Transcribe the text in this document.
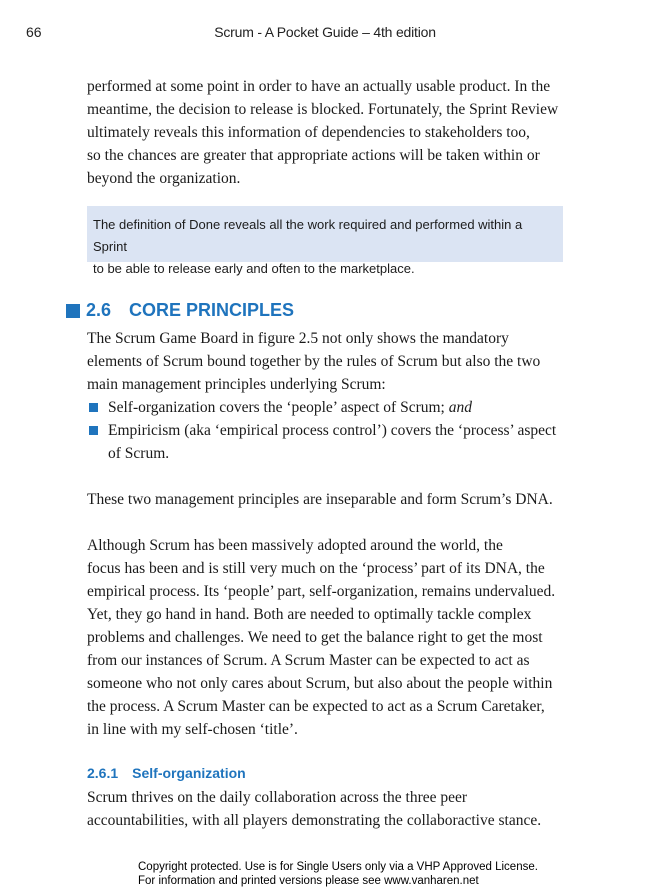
66	Scrum - A Pocket Guide – 4th edition

performed at some point in order to have an actually usable product. In the
meantime, the decision to release is blocked. Fortunately, the Sprint Review
ultimately reveals this information of dependencies to stakeholders too,
so the chances are greater that appropriate actions will be taken within or
beyond the organization.

The definition of Done reveals all the work required and performed within a Sprint
to be able to release early and often to the marketplace.
2.6 CORE PRINCIPLES

The Scrum Game Board in figure 2.5 not only shows the mandatory
elements of Scrum bound together by the rules of Scrum but also the two
main management principles underlying Scrum:

Self-organization covers the ‘people’ aspect of Scrum; and
Empiricism (aka ‘empirical process control’) covers the ‘process’ aspect of Scrum.

These two management principles are inseparable and form Scrum’s DNA.

Although Scrum has been massively adopted around the world, the
focus has been and is still very much on the ‘process’ part of its DNA, the
empirical process. Its ‘people’ part, self-organization, remains undervalued.
Yet, they go hand in hand. Both are needed to optimally tackle complex
problems and challenges. We need to get the balance right to get the most
from our instances of Scrum. A Scrum Master can be expected to act as
someone who not only cares about Scrum, but also about the people within
the process. A Scrum Master can be expected to act as a Scrum Caretaker,
in line with my self-chosen ‘title’.

2.6.1 Self-organization

Scrum thrives on the daily collaboration across the three peer
accountabilities, with all players demonstrating the collaboractive stance.

Copyright protected. Use is for Single Users only via a VHP Approved License.
For information and printed versions please see www.vanharen.net
